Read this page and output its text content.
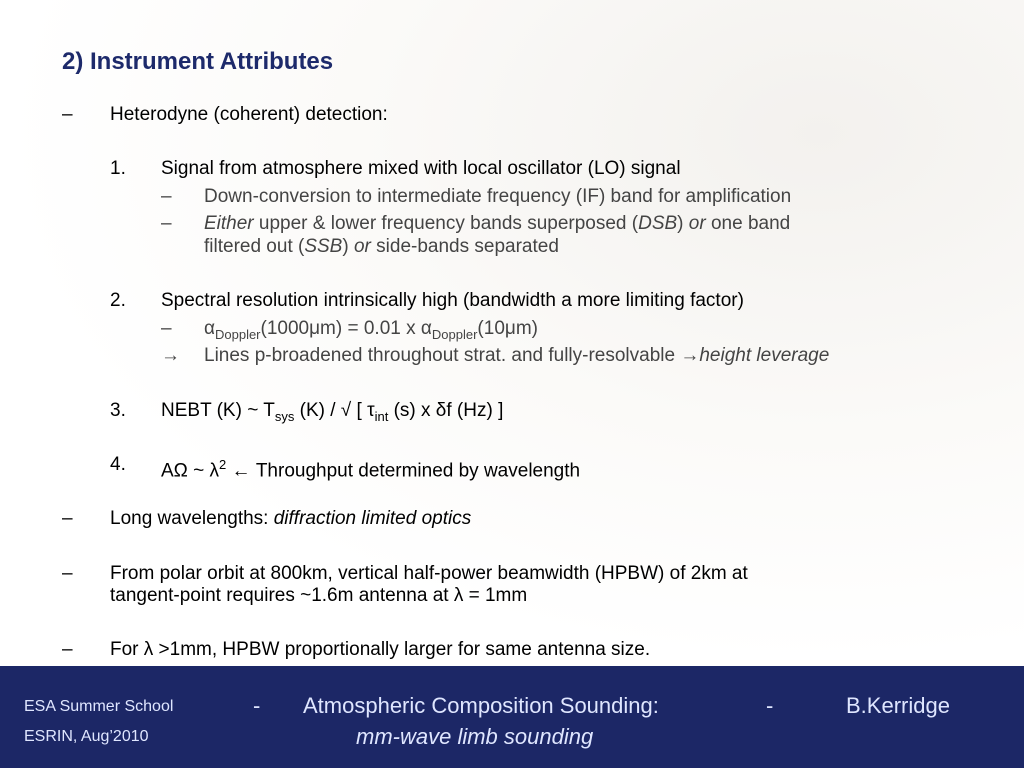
2) Instrument Attributes
– Heterodyne (coherent) detection:
1. Signal from atmosphere mixed with local oscillator (LO) signal
– Down-conversion to intermediate frequency (IF) band for amplification
– Either upper & lower frequency bands superposed (DSB) or one band
filtered out (SSB) or side-bands separated
2. Spectral resolution intrinsically high (bandwidth a more limiting factor)
– $\alpha_{Doppler}(1000\mu m) = 0.01$ x $\alpha_{Doppler}(10\mu m)$
→ Lines p-broadened throughout strat. and fully-resolvable →height leverage
3. NEBT (K) ~ $T_{sys}$ (K) / √ [ $\tau_{int}$ (s) x δf (Hz) ]
4. AΩ ~ $\lambda^2$ ← Throughput determined by wavelength
– Long wavelengths: diffraction limited optics
– From polar orbit at 800km, vertical half-power beamwidth (HPBW) of 2km at
tangent-point requires ~1.6m antenna at λ = 1mm
– For λ >1mm, HPBW proportionally larger for same antenna size.
ESA Summer School	- Atmospheric Composition Sounding:	-	B.Kerridge
ESRIN, Aug’2010	mm-wave limb sounding
